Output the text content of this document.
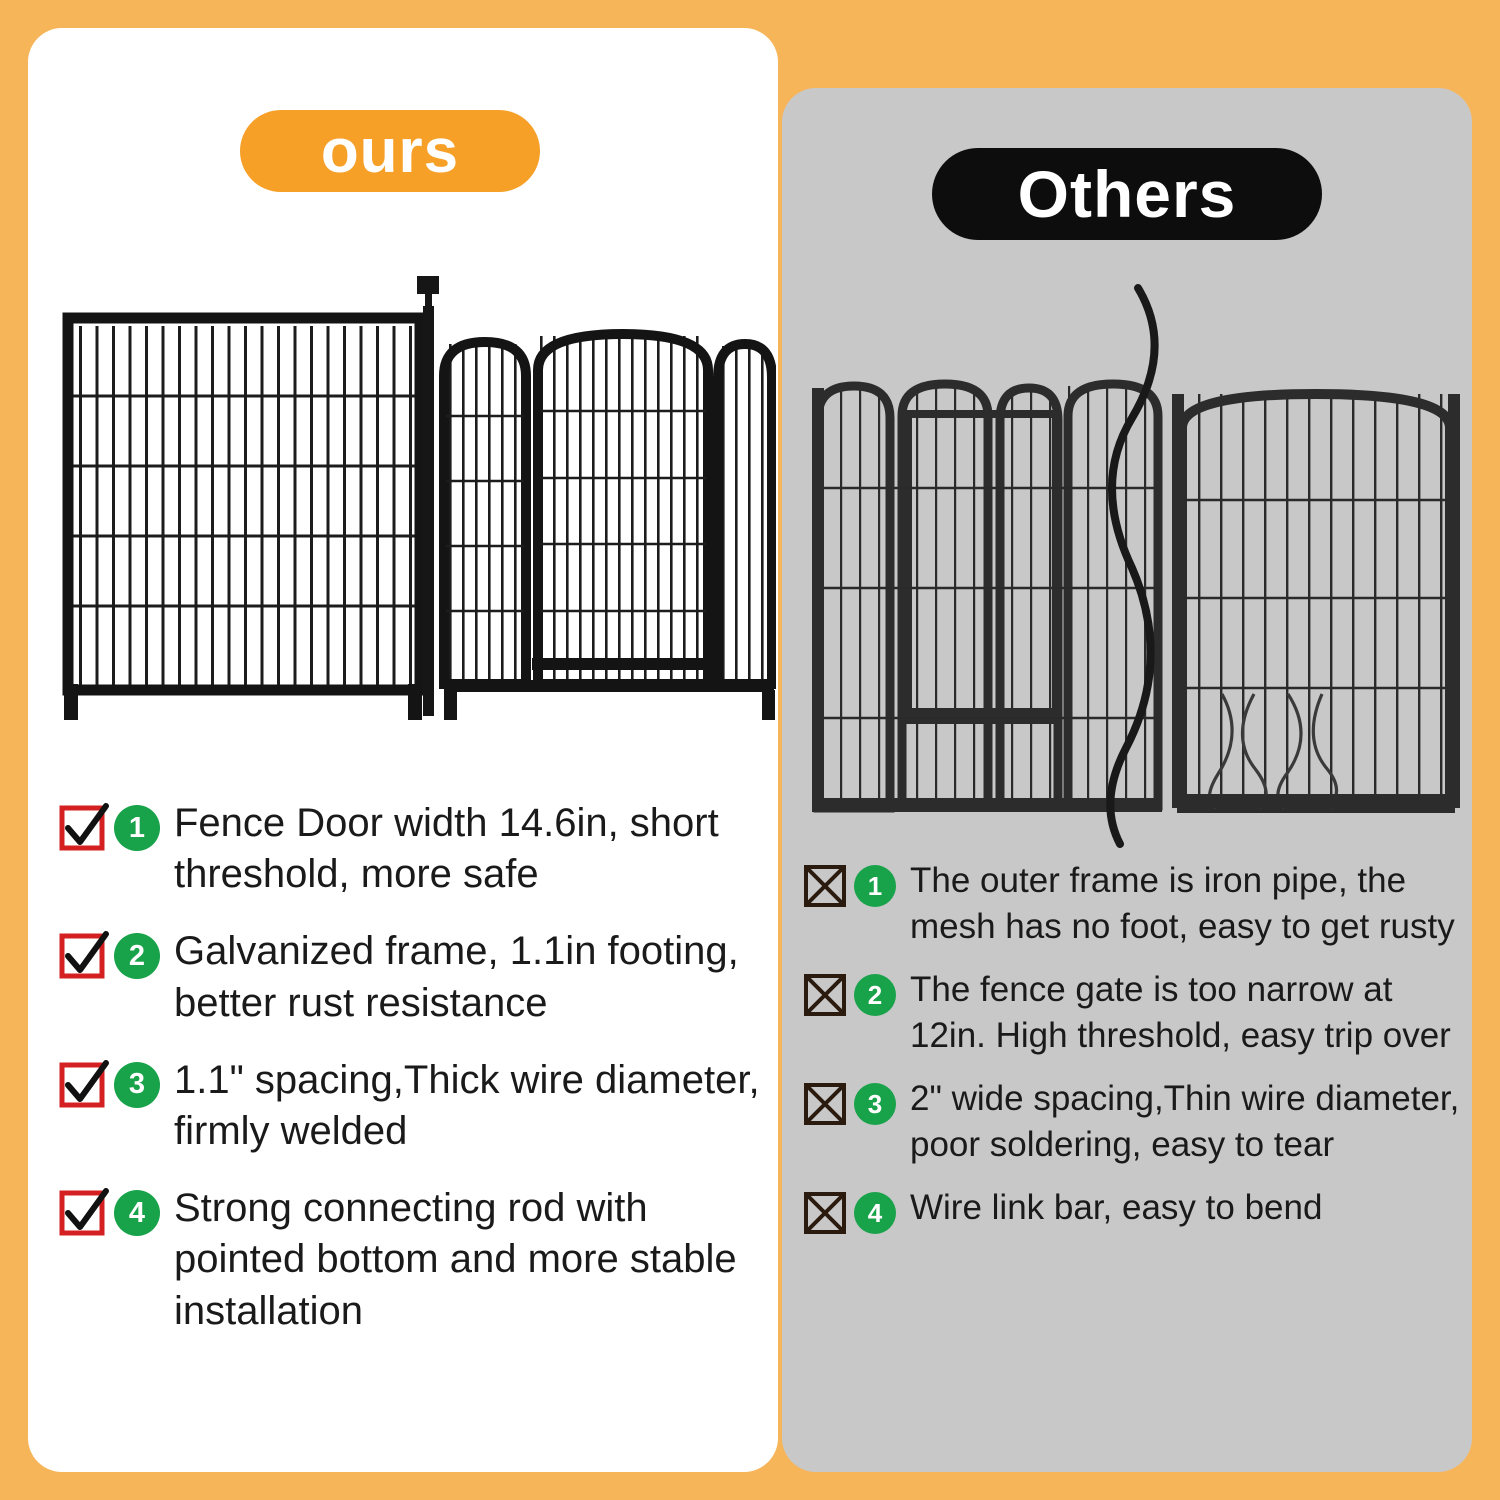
ours
1 Fence Door width 14.6in, short threshold, more safe
2 Galvanized frame, 1.1in footing, better rust resistance
3 1.1" spacing,Thick wire diameter, firmly welded
4 Strong connecting rod with pointed bottom and more stable installation
Others
1 The outer frame is iron pipe, the mesh has no foot, easy to get rusty
2 The fence gate is too narrow at 12in. High threshold, easy trip over
3 2" wide spacing,Thin wire diameter, poor soldering, easy to tear
4 Wire link bar, easy to bend
